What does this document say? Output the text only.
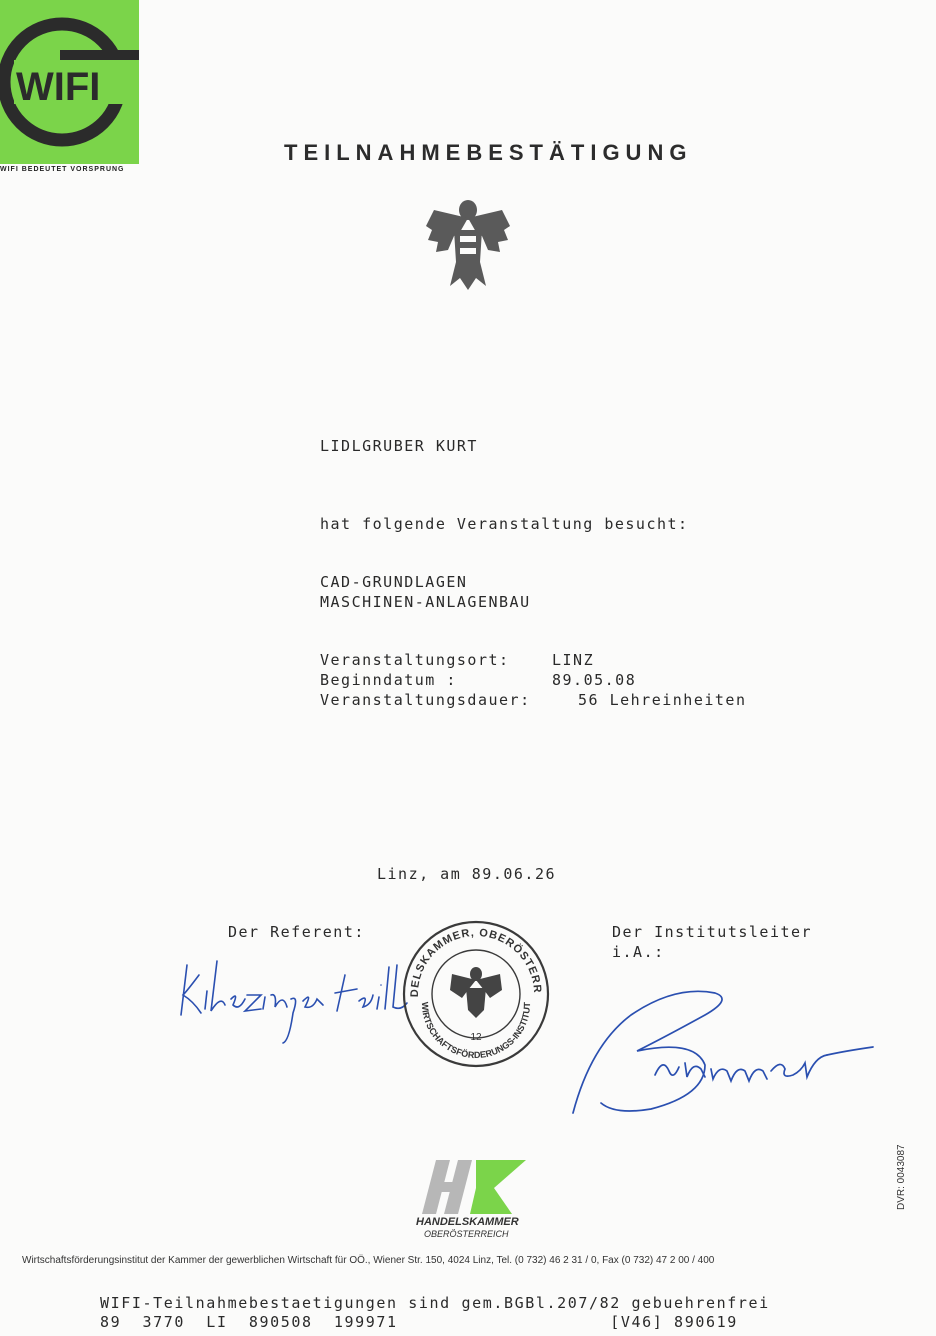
WIFI
WIFI BEDEUTET VORSPRUNG
TEILNAHMEBESTÄTIGUNG
LIDLGRUBER KURT
hat folgende Veranstaltung besucht:
CAD-GRUNDLAGEN
MASCHINEN-ANLAGENBAU
Veranstaltungsort:	LINZ
Beginndatum :	89.05.08
Veranstaltungsdauer:	56 Lehreinheiten
Linz, am 89.06.26
Der Referent:	Der Institutsleiter
i.A.:
DELSKAMMER, OBERÖSTERR
WIRTSCHAFTSFÖRDERUNGS-INSTITUT
12
HANDELSKAMMER
OBERÖSTERREICH
DVR: 0043087
Wirtschaftsförderungsinstitut der Kammer der gewerblichen Wirtschaft für OÖ., Wiener Str. 150, 4024 Linz, Tel. (0 732) 46 2 31 / 0, Fax (0 732) 47 2 00 / 400
WIFI-Teilnahmebestaetigungen sind gem.BGBl.207/82 gebuehrenfrei
89  3770  LI  890508  199971                    [V46] 890619
